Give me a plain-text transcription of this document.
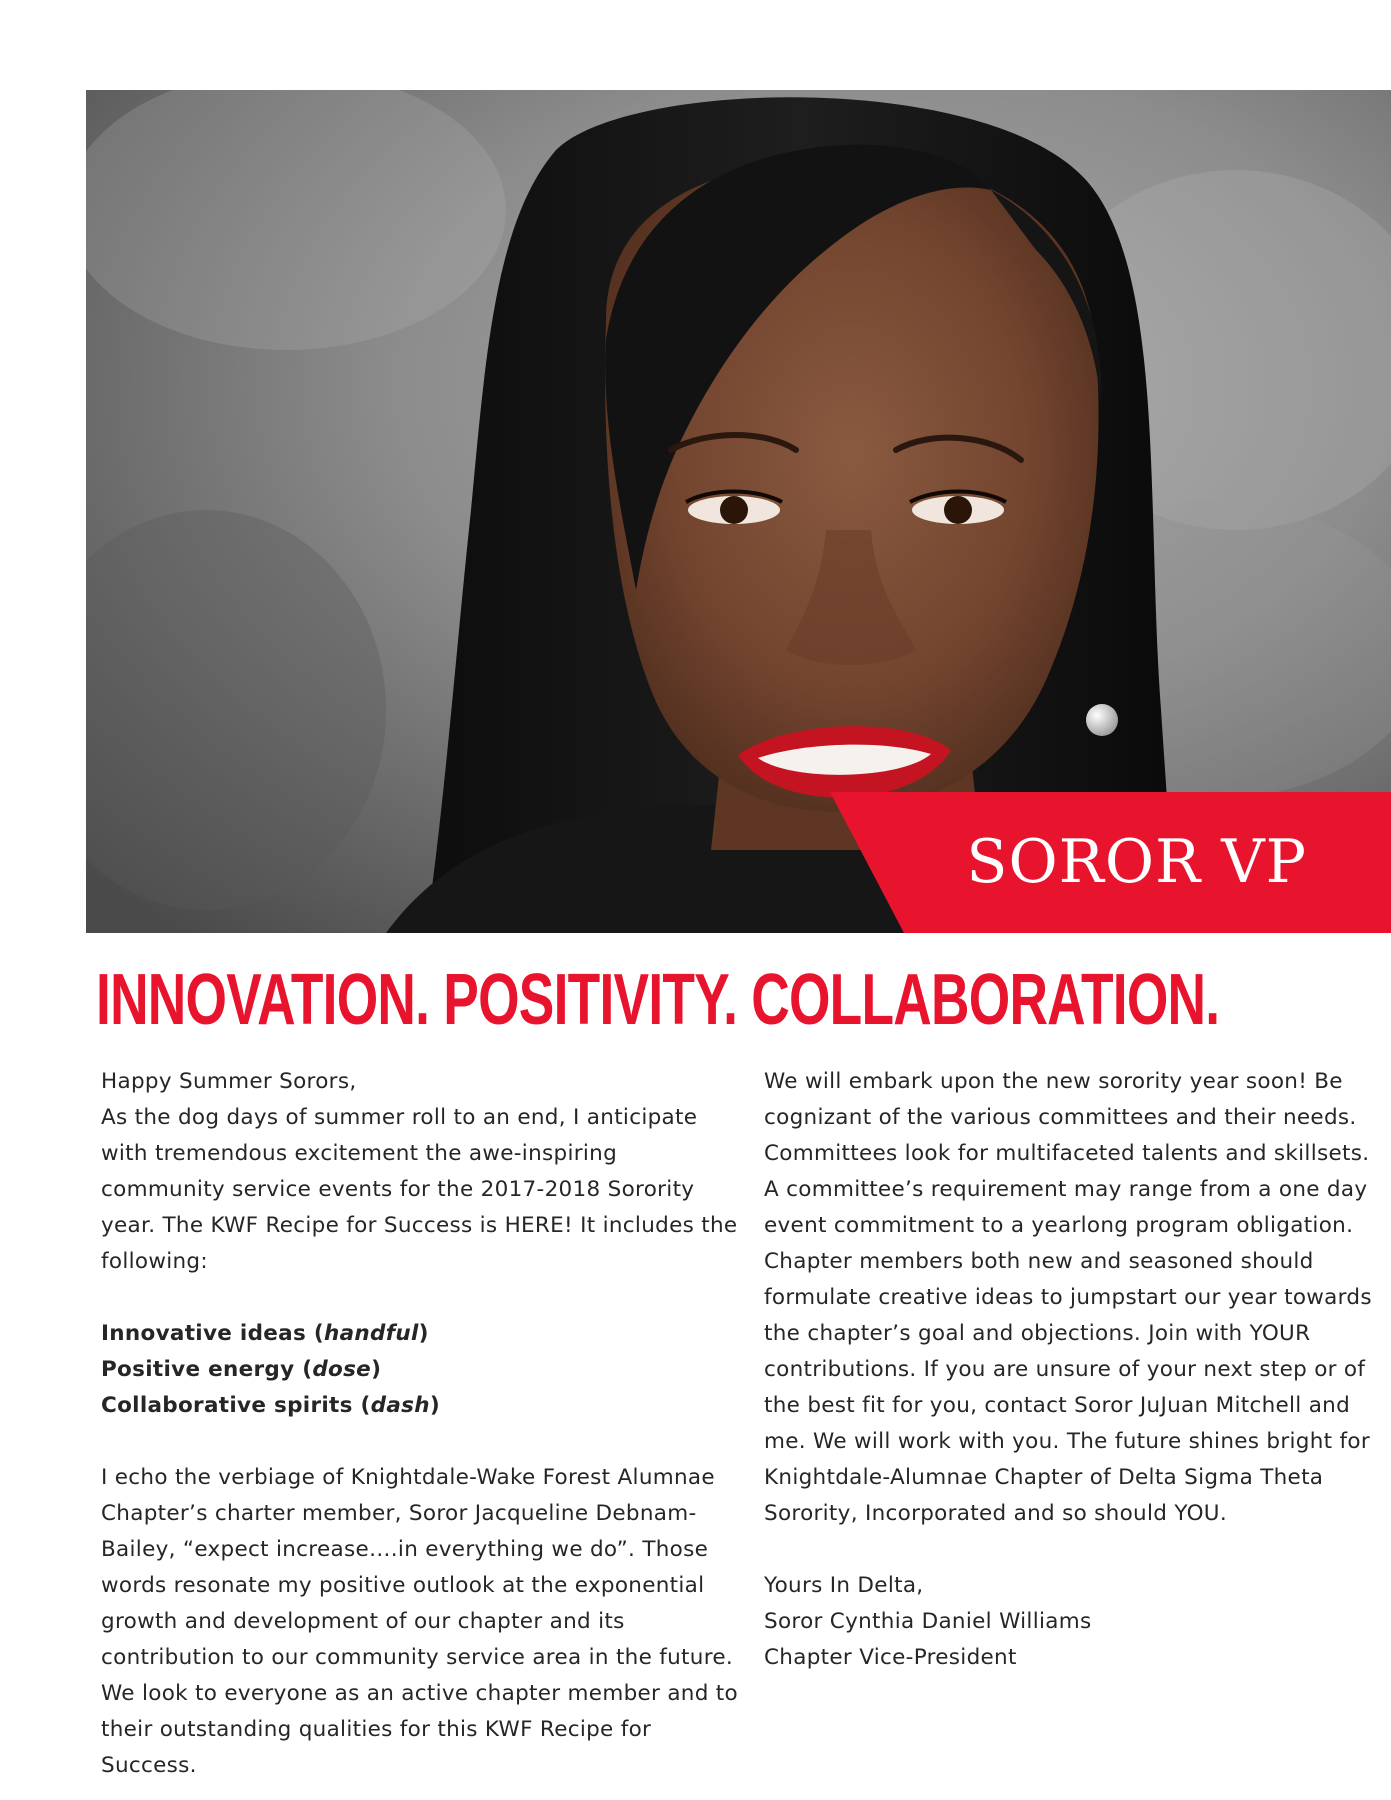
SOROR VP
INNOVATION. POSITIVITY. COLLABORATION.

Happy Summer Sorors,

As the dog days of summer roll to an end, I anticipate with tremendous excitement the awe-inspiring community service events for the 2017-2018 Sorority year. The KWF Recipe for Success is HERE! It includes the following:

Innovative ideas (handful)

Positive energy (dose)

Collaborative spirits (dash)

I echo the verbiage of Knightdale-Wake Forest Alumnae Chapter’s charter member, Soror Jacqueline Debnam-Bailey, “expect increase….in everything we do”. Those words resonate my positive outlook at the exponential growth and development of our chapter and its contribution to our community service area in the future. We look to everyone as an active chapter member and to their outstanding qualities for this KWF Recipe for Success.

We will embark upon the new sorority year soon! Be cognizant of the various committees and their needs. Committees look for multifaceted talents and skillsets. A committee’s requirement may range from a one day event commitment to a yearlong program obligation. Chapter members both new and seasoned should formulate creative ideas to jumpstart our year towards the chapter’s goal and objections. Join with YOUR contributions. If you are unsure of your next step or of the best fit for you, contact Soror JuJuan Mitchell and me. We will work with you. The future shines bright for Knightdale-Alumnae Chapter of Delta Sigma Theta Sorority, Incorporated and so should YOU.

Yours In Delta,

Soror Cynthia Daniel Williams

Chapter Vice-President
